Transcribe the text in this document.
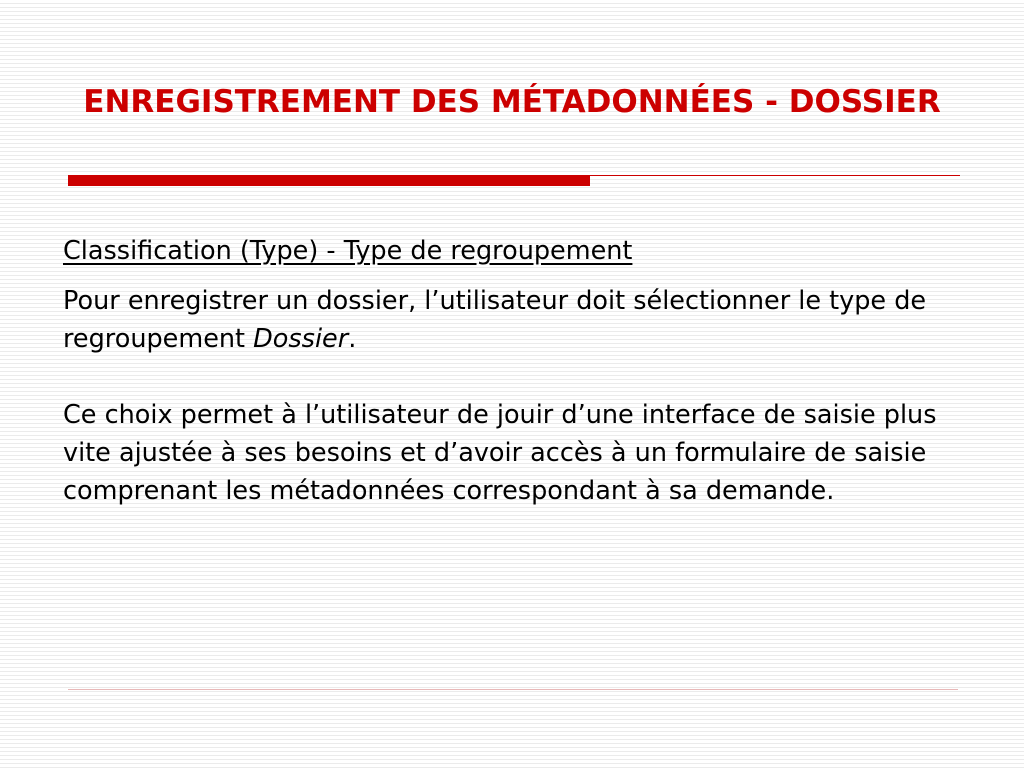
ENREGISTREMENT DES MÉTADONNÉES - DOSSIER

Classification (Type) - Type de regroupement

Pour enregistrer un dossier, l’utilisateur doit sélectionner le type de regroupement Dossier.

Ce choix permet à l’utilisateur de jouir d’une interface de saisie plus vite ajustée à ses besoins et d’avoir accès à un formulaire de saisie comprenant les métadonnées correspondant à sa demande.
